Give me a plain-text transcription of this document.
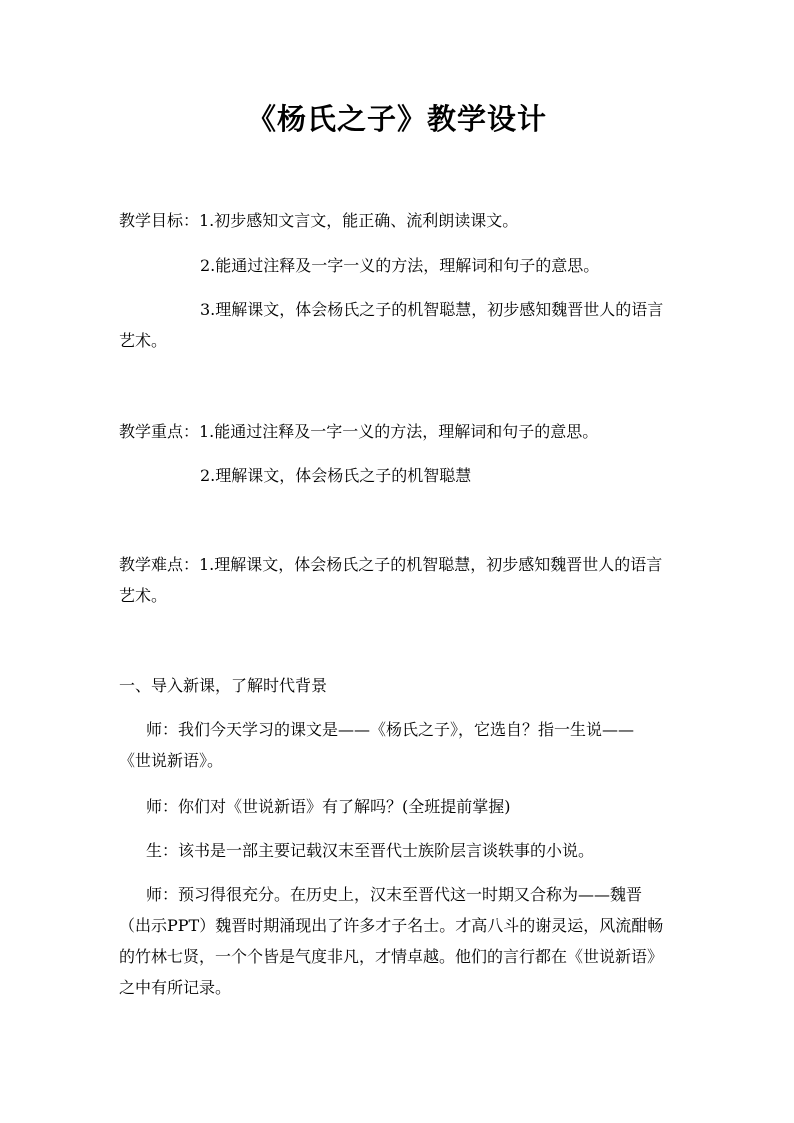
《杨氏之子》教学设计
教学目标：1.初步感知文言文，能正确、流利朗读课文。
2.能通过注释及一字一义的方法，理解词和句子的意思。
3.理解课文，体会杨氏之子的机智聪慧，初步感知魏晋世人的语言
艺术。
教学重点：1.能通过注释及一字一义的方法，理解词和句子的意思。
2.理解课文，体会杨氏之子的机智聪慧
教学难点：1.理解课文，体会杨氏之子的机智聪慧，初步感知魏晋世人的语言
艺术。
一、导入新课，了解时代背景
师：我们今天学习的课文是——《杨氏之子》，它选自？指一生说——
《世说新语》。
师：你们对《世说新语》有了解吗？(全班提前掌握)
生：该书是一部主要记载汉末至晋代士族阶层言谈轶事的小说。
师：预习得很充分。在历史上，汉末至晋代这一时期又合称为——魏晋
（出示PPT）魏晋时期涌现出了许多才子名士。才高八斗的谢灵运，风流酣畅
的竹林七贤，一个个皆是气度非凡，才情卓越。他们的言行都在《世说新语》
之中有所记录。
